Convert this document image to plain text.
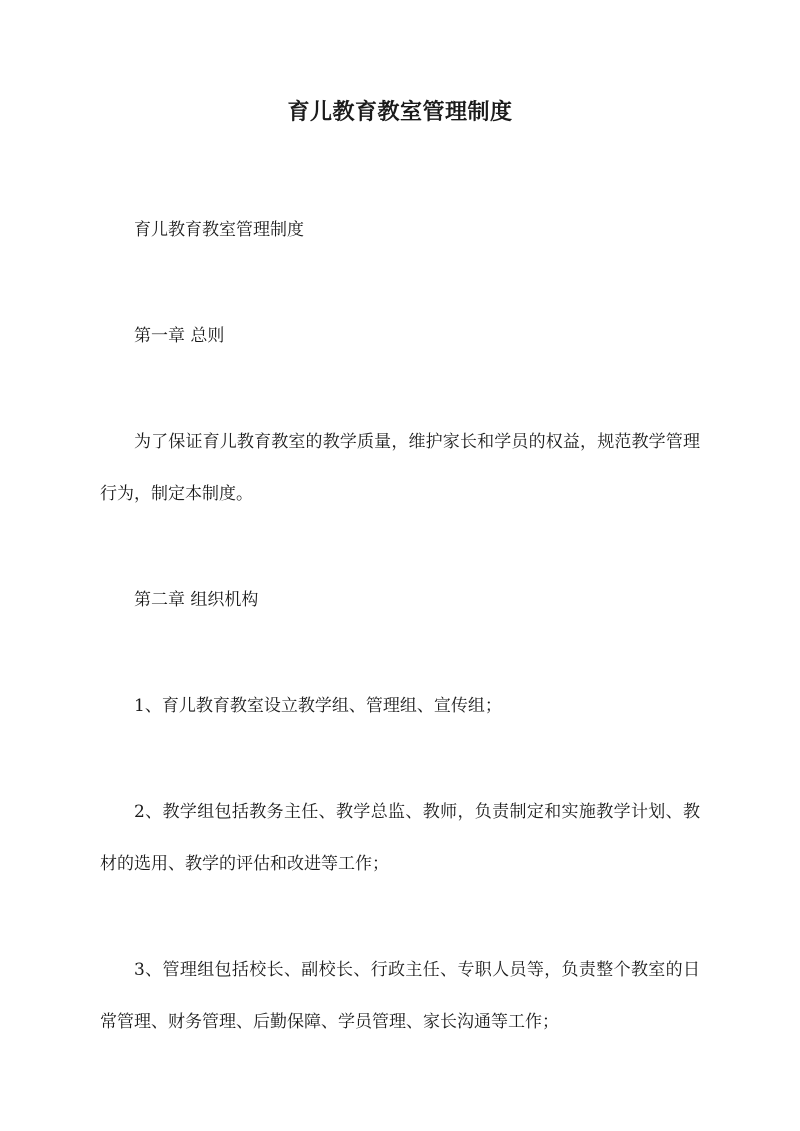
育儿教育教室管理制度

育儿教育教室管理制度

第一章 总则

为了保证育儿教育教室的教学质量，维护家长和学员的权益，规范教学管理行为，制定本制度。

第二章 组织机构

1、育儿教育教室设立教学组、管理组、宣传组；

2、教学组包括教务主任、教学总监、教师，负责制定和实施教学计划、教材的选用、教学的评估和改进等工作；

3、管理组包括校长、副校长、行政主任、专职人员等，负责整个教室的日常管理、财务管理、后勤保障、学员管理、家长沟通等工作；
